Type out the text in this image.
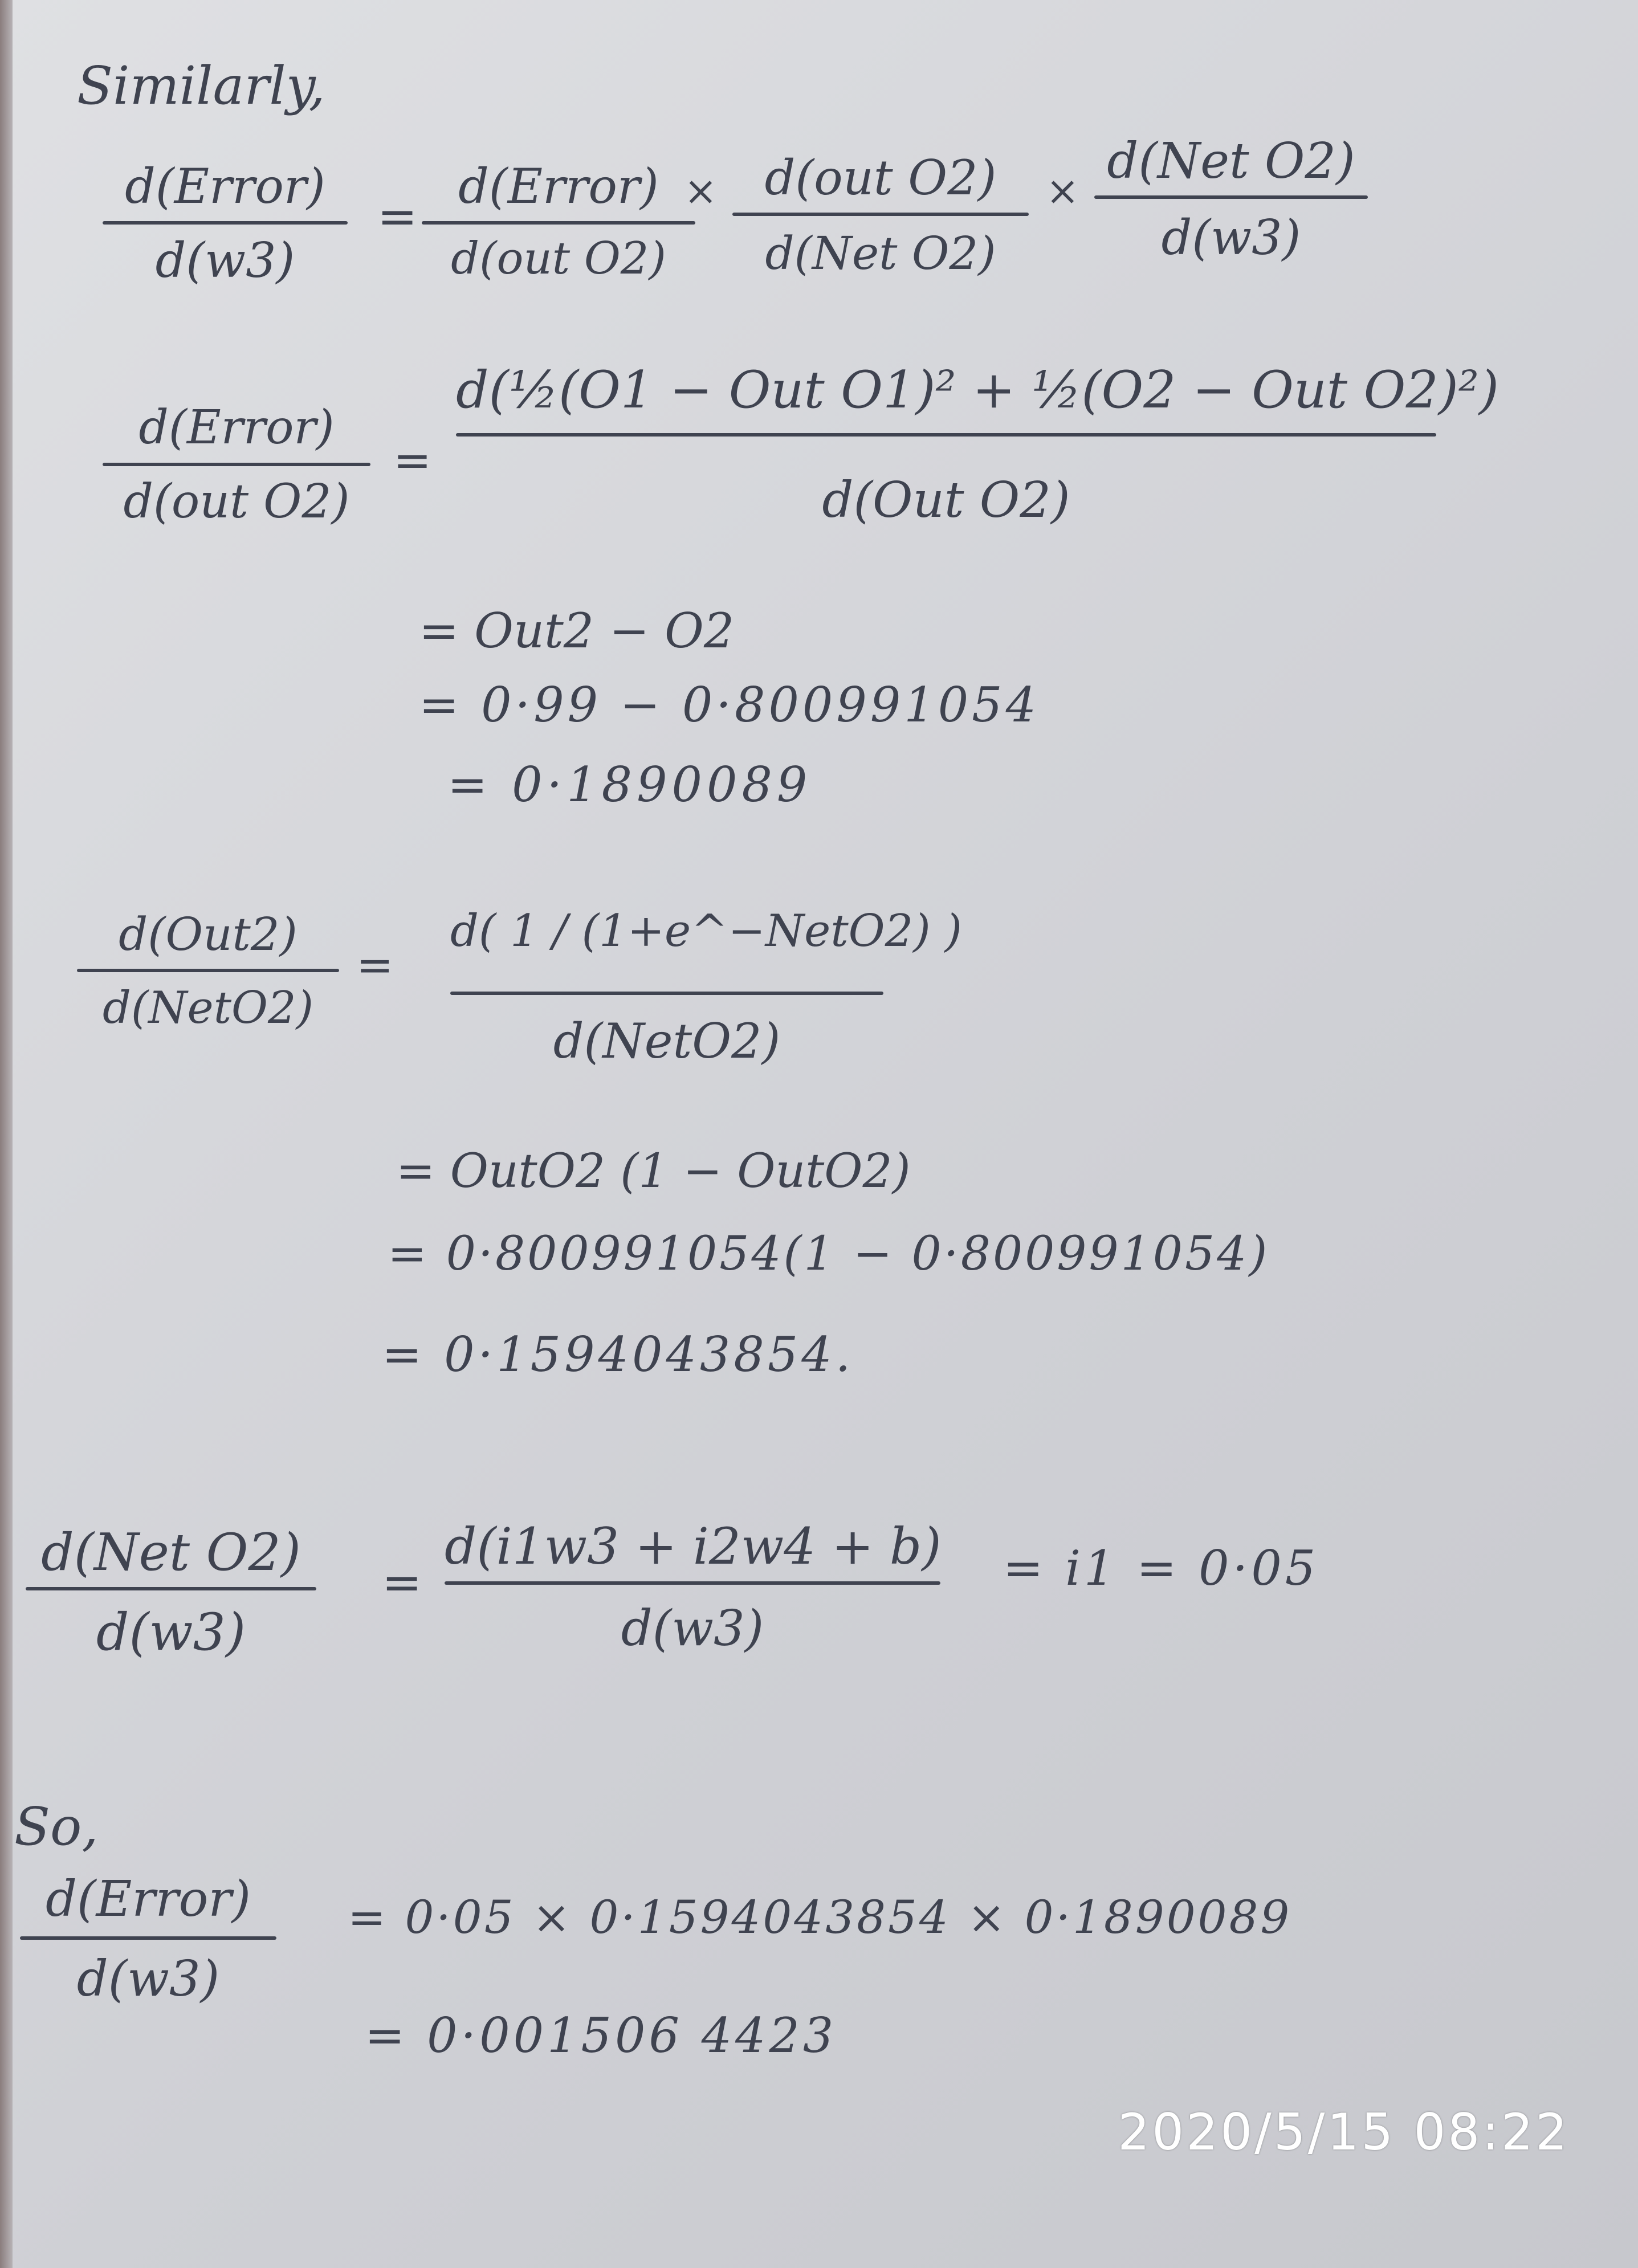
Similarly,
d(Error)
d(w3)
=
d(Error)
d(out O2)
× d(out O2)
d(Net O2)
×
d(Net O2)
d(w3)
d(Error)
d(out O2)
=
d(½(O1 − Out O1)² + ½(O2 − Out O2)²)
d(Out O2)
= Out2 − O2
= 0·99 − 0·800991054
= 0·1890089
d(Out2)
d(NetO2)
=
d( 1 / (1+e^−NetO2) )
d(NetO2)
= OutO2 (1 − OutO2)
= 0·800991054(1 − 0·800991054)
= 0·1594043854.
d(Net O2)
d(w3)
=
d(i1w3 + i2w4 + b)
d(w3)
= i1 = 0·05
So,
d(Error)
d(w3)
= 0·05 × 0·1594043854 × 0·1890089
= 0·001506 4423
2020/5/15 08:22
